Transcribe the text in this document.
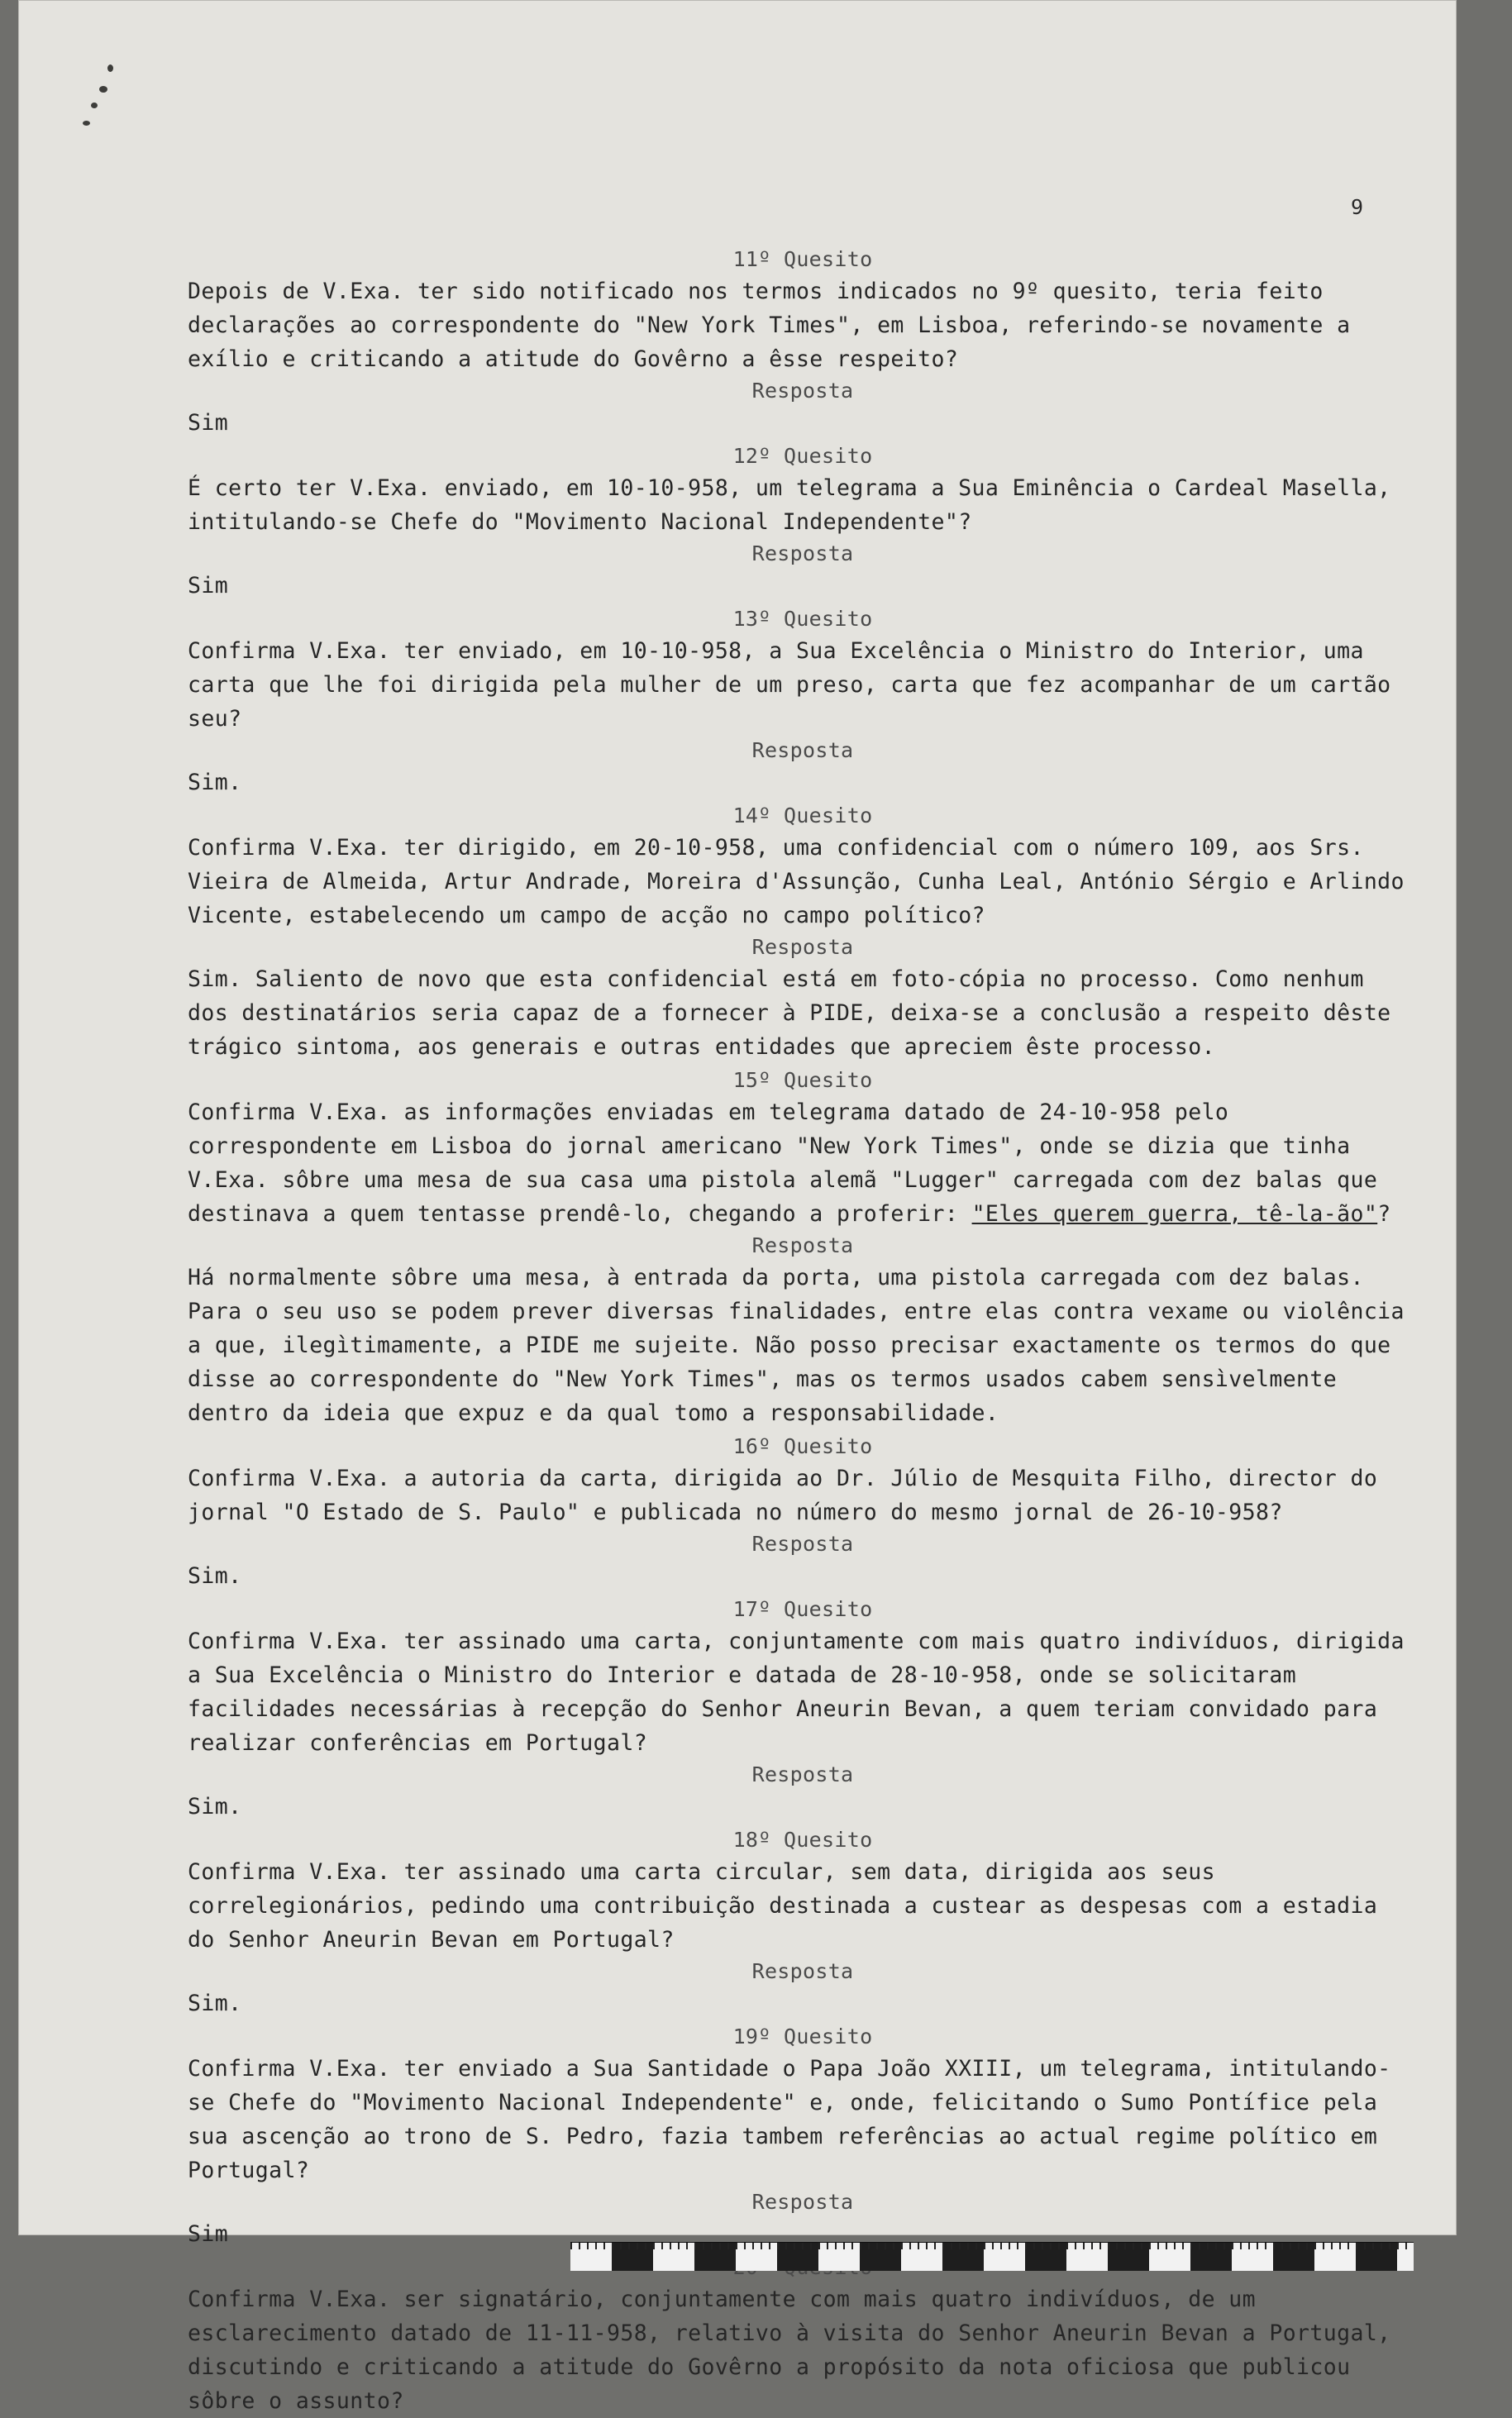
9
11º Quesito

Depois de V.Exa. ter sido notificado nos termos indicados no 9º quesito, teria feito declarações ao correspondente do "New York Times", em Lisboa, referindo-se novamente a exílio e criticando a atitude do Govêrno a êsse respeito?

Resposta

Sim

12º Quesito

É certo ter V.Exa. enviado, em 10-10-958, um telegrama a Sua Eminência o Cardeal Masella, intitulando-se Chefe do "Movimento Nacional Independente"?

Resposta

Sim

13º Quesito

Confirma V.Exa. ter enviado, em 10-10-958, a Sua Excelência o Ministro do Interior, uma carta que lhe foi dirigida pela mulher de um preso, carta que fez acompanhar de um cartão seu?

Resposta

Sim.

14º Quesito

Confirma V.Exa. ter dirigido, em 20-10-958, uma confidencial com o número 109, aos Srs. Vieira de Almeida, Artur Andrade, Moreira d'Assunção, Cunha Leal, António Sérgio e Arlindo Vicente, estabelecendo um campo de acção no campo político?

Resposta

Sim. Saliento de novo que esta confidencial está em foto-cópia no processo. Como nenhum dos destinatários seria capaz de a fornecer à PIDE, deixa-se a conclusão a respeito dêste trágico sintoma, aos generais e outras entidades que apreciem êste processo.

15º Quesito

Confirma V.Exa. as informações enviadas em telegrama datado de 24-10-958 pelo correspondente em Lisboa do jornal americano "New York Times", onde se dizia que tinha V.Exa. sôbre uma mesa de sua casa uma pistola alemã "Lugger" carregada com dez balas que destinava a quem tentasse prendê-lo, chegando a proferir: "Eles querem guerra, tê-la-ão"?

Resposta

Há normalmente sôbre uma mesa, à entrada da porta, uma pistola carregada com dez balas. Para o seu uso se podem prever diversas finalidades, entre elas contra vexame ou violência a que, ilegìtimamente, a PIDE me sujeite. Não posso precisar exactamente os termos do que disse ao correspondente do "New York Times", mas os termos usados cabem sensìvelmente dentro da ideia que expuz e da qual tomo a responsabilidade.

16º Quesito

Confirma V.Exa. a autoria da carta, dirigida ao Dr. Júlio de Mesquita Filho, director do jornal "O Estado de S. Paulo" e publicada no número do mesmo jornal de 26-10-958?

Resposta

Sim.

17º Quesito

Confirma V.Exa. ter assinado uma carta, conjuntamente com mais quatro indivíduos, dirigida a Sua Excelência o Ministro do Interior e datada de 28-10-958, onde se solicitaram facilidades necessárias à recepção do Senhor Aneurin Bevan, a quem teriam convidado para realizar conferências em Portugal?

Resposta

Sim.

18º Quesito

Confirma V.Exa. ter assinado uma carta circular, sem data, dirigida aos seus correlegionários, pedindo uma contribuição destinada a custear as despesas com a estadia do Senhor Aneurin Bevan em Portugal?

Resposta

Sim.

19º Quesito

Confirma V.Exa. ter enviado a Sua Santidade o Papa João XXIII, um telegrama, intitulando-se Chefe do "Movimento Nacional Independente" e, onde, felicitando o Sumo Pontífice pela sua ascenção ao trono de S. Pedro, fazia tambem referências ao actual regime político em Portugal?

Resposta

Sim

Confirma V.Exa. ser signatário, conjuntamente com mais quatro indivíduos, de um esclarecimento datado de 11-11-958, relativo à visita do Senhor Aneurin Bevan a Portugal, discutindo e criticando a atitude do Govêrno a propósito da nota oficiosa que publicou sôbre o assunto?
